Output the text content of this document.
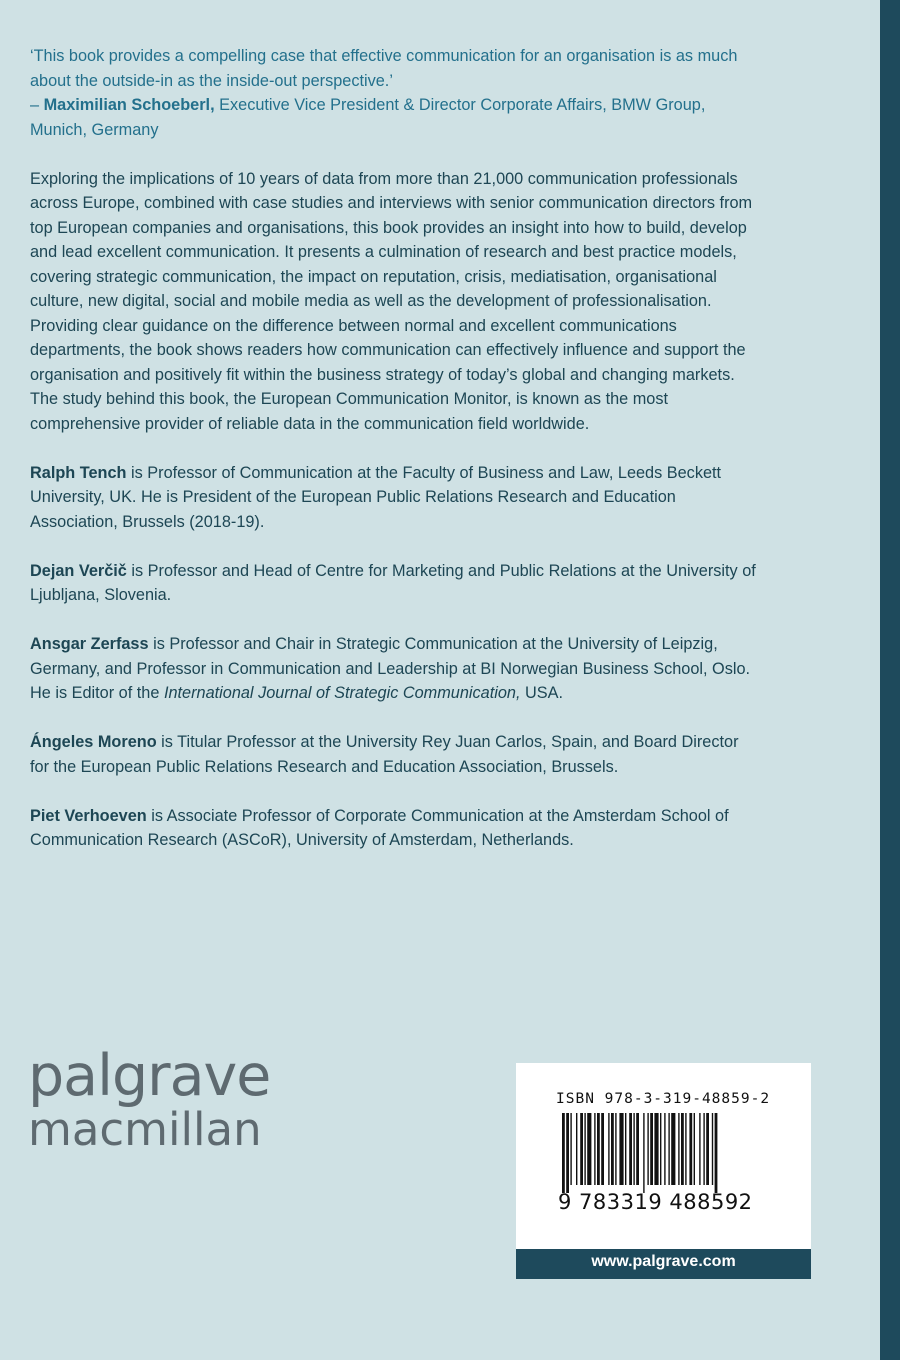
‘This book provides a compelling case that effective communication for an organisation is as much about the outside-in as the inside-out perspective.’
– Maximilian Schoeberl, Executive Vice President & Director Corporate Affairs, BMW Group, Munich, Germany

Exploring the implications of 10 years of data from more than 21,000 communication professionals across Europe, combined with case studies and interviews with senior communication directors from top European companies and organisations, this book provides an insight into how to build, develop and lead excellent communication. It presents a culmination of research and best practice models, covering strategic communication, the impact on reputation, crisis, mediatisation, organisational culture, new digital, social and mobile media as well as the development of professionalisation. Providing clear guidance on the difference between normal and excellent communications departments, the book shows readers how communication can effectively influence and support the organisation and positively fit within the business strategy of today’s global and changing markets. The study behind this book, the European Communication Monitor, is known as the most comprehensive provider of reliable data in the communication field worldwide.

Ralph Tench is Professor of Communication at the Faculty of Business and Law, Leeds Beckett University, UK. He is President of the European Public Relations Research and Education Association, Brussels (2018-19).

Dejan Verčič is Professor and Head of Centre for Marketing and Public Relations at the University of Ljubljana, Slovenia.

Ansgar Zerfass is Professor and Chair in Strategic Communication at the University of Leipzig, Germany, and Professor in Communication and Leadership at BI Norwegian Business School, Oslo. He is Editor of the International Journal of Strategic Communication, USA.

Ángeles Moreno is Titular Professor at the University Rey Juan Carlos, Spain, and Board Director for the European Public Relations Research and Education Association, Brussels.

Piet Verhoeven is Associate Professor of Corporate Communication at the Amsterdam School of Communication Research (ASCoR), University of Amsterdam, Netherlands.

palgrave
macmillan
ISBN 978-3-319-48859-2
9 783319 488592
www.palgrave.com
